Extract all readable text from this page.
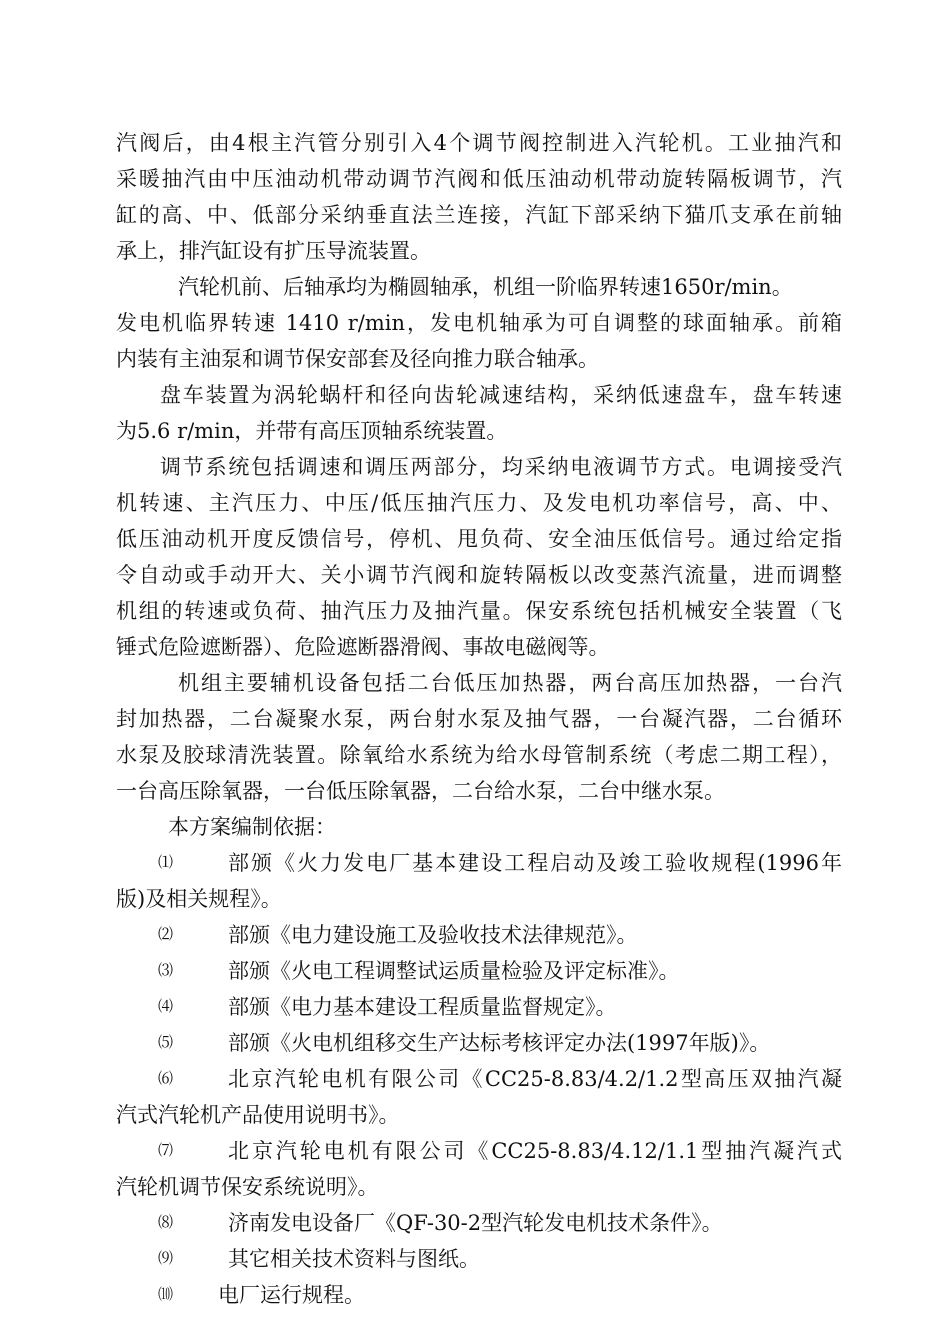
汽阀后，由4根主汽管分别引入4个调节阀控制进入汽轮机。工业抽汽和
采暖抽汽由中压油动机带动调节汽阀和低压油动机带动旋转隔板调节，汽
缸的高、中、低部分采纳垂直法兰连接，汽缸下部采纳下猫爪支承在前轴
承上，排汽缸设有扩压导流装置。
汽轮机前、后轴承均为椭圆轴承，机组一阶临界转速1650r/min。
发电机临界转速 1410 r/min，发电机轴承为可自调整的球面轴承。前箱
内装有主油泵和调节保安部套及径向推力联合轴承。
盘车装置为涡轮蜗杆和径向齿轮减速结构，采纳低速盘车，盘车转速
为5.6 r/min，并带有高压顶轴系统装置。
调节系统包括调速和调压两部分，均采纳电液调节方式。电调接受汽
机转速、主汽压力、中压/低压抽汽压力、及发电机功率信号，高、中、
低压油动机开度反馈信号，停机、甩负荷、安全油压低信号。通过给定指
令自动或手动开大、关小调节汽阀和旋转隔板以改变蒸汽流量，进而调整
机组的转速或负荷、抽汽压力及抽汽量。保安系统包括机械安全装置（飞
锤式危险遮断器）、危险遮断器滑阀、事故电磁阀等。
机组主要辅机设备包括二台低压加热器，两台高压加热器，一台汽
封加热器，二台凝聚水泵，两台射水泵及抽气器，一台凝汽器，二台循环
水泵及胶球清洗装置。除氧给水系统为给水母管制系统（考虑二期工程），
一台高压除氧器，一台低压除氧器，二台给水泵，二台中继水泵。
本方案编制依据：
⑴	部颁《火力发电厂基本建设工程启动及竣工验收规程(1996年
版)及相关规程》。
⑵	部颁《电力建设施工及验收技术法律规范》。
⑶	部颁《火电工程调整试运质量检验及评定标准》。
⑷	部颁《电力基本建设工程质量监督规定》。
⑸	部颁《火电机组移交生产达标考核评定办法(1997年版)》。
⑹	北京汽轮电机有限公司《CC25-8.83/4.2/1.2型高压双抽汽凝
汽式汽轮机产品使用说明书》。
⑺	北京汽轮电机有限公司《CC25-8.83/4.12/1.1型抽汽凝汽式
汽轮机调节保安系统说明》。
⑻	济南发电设备厂《QF-30-2型汽轮发电机技术条件》。
⑼	其它相关技术资料与图纸。
⑽	电厂运行规程。
